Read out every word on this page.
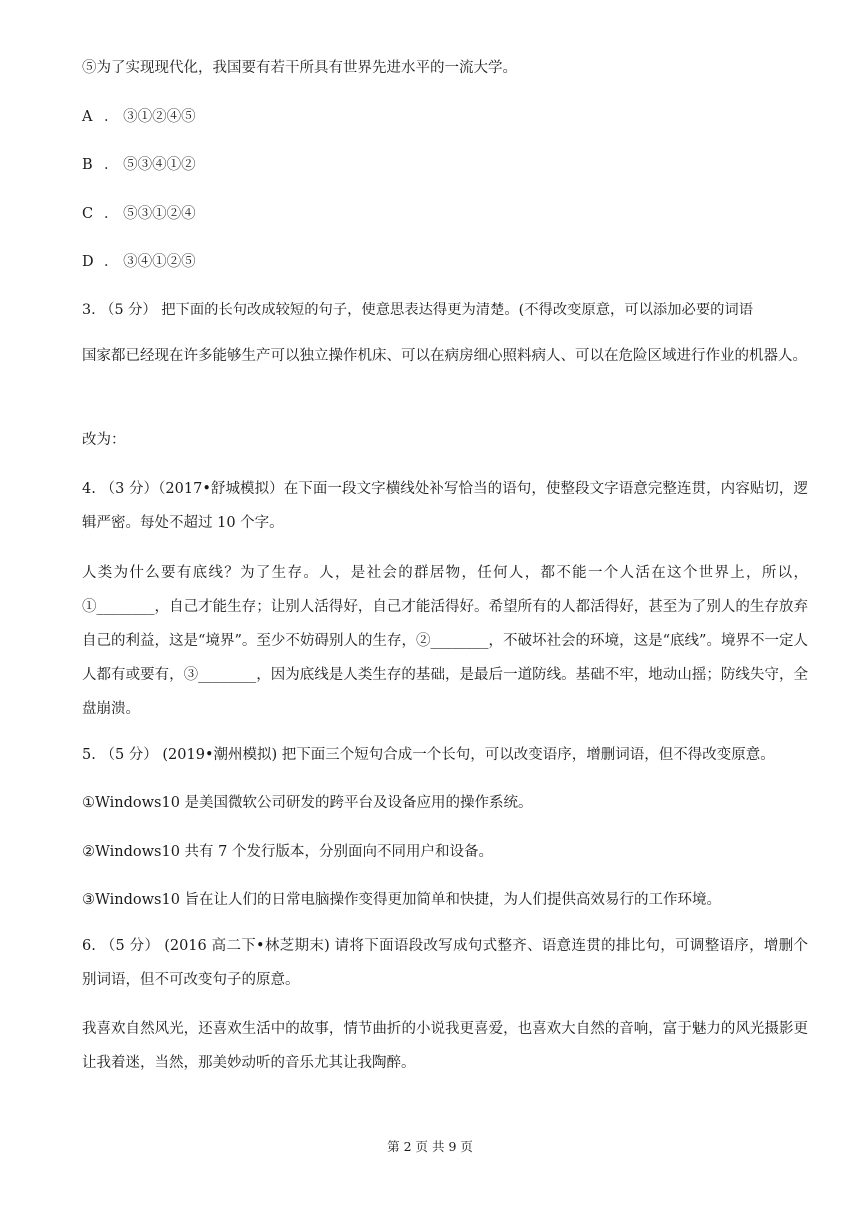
⑤为了实现现代化，我国要有若干所具有世界先进水平的一流大学。
A ． ③①②④⑤
B ． ⑤③④①②
C ． ⑤③①②④
D ． ③④①②⑤
3. （5 分） 把下面的长句改成较短的句子，使意思表达得更为清楚。(不得改变原意，可以添加必要的词语
国家都已经现在许多能够生产可以独立操作机床、可以在病房细心照料病人、可以在危险区域进行作业的机器人。
改为：
4. （3 分）（2017•舒城模拟）在下面一段文字横线处补写恰当的语句，使整段文字语意完整连贯，内容贴切，逻辑严密。每处不超过 10 个字。
人类为什么要有底线？为了生存。人，是社会的群居物，任何人，都不能一个人活在这个世界上，所以，①________，自己才能生存；让别人活得好，自己才能活得好。希望所有的人都活得好，甚至为了别人的生存放弃自己的利益，这是“境界”。至少不妨碍别人的生存，②________，不破坏社会的环境，这是“底线”。境界不一定人人都有或要有，③________，因为底线是人类生存的基础，是最后一道防线。基础不牢，地动山摇；防线失守，全盘崩溃。
5. （5 分） (2019•潮州模拟) 把下面三个短句合成一个长句，可以改变语序，增删词语，但不得改变原意。
①Windows10 是美国微软公司研发的跨平台及设备应用的操作系统。
②Windows10 共有 7 个发行版本，分别面向不同用户和设备。
③Windows10 旨在让人们的日常电脑操作变得更加简单和快捷，为人们提供高效易行的工作环境。
6. （5 分） (2016 高二下•林芝期末) 请将下面语段改写成句式整齐、语意连贯的排比句，可调整语序，增删个别词语，但不可改变句子的原意。
我喜欢自然风光，还喜欢生活中的故事，情节曲折的小说我更喜爱，也喜欢大自然的音响，富于魅力的风光摄影更让我着迷，当然，那美妙动听的音乐尤其让我陶醉。
第 2 页 共 9 页
